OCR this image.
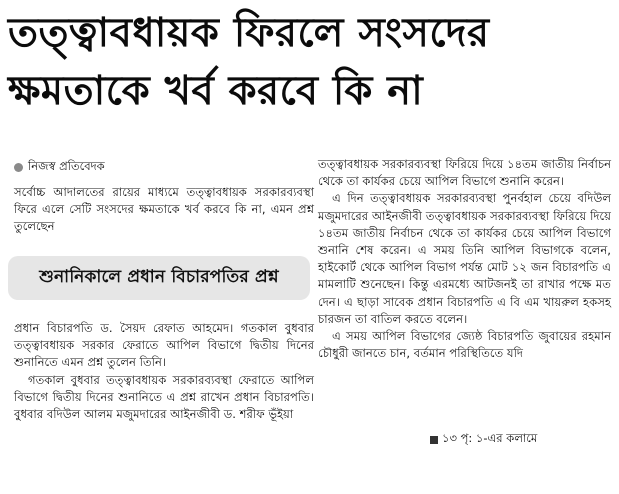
তত্ত্বাবধায়ক ফিরলে সংসদের
ক্ষমতাকে খর্ব করবে কি না
নিজস্ব প্রতিবেদক

সর্বোচ্চ আদালতের রায়ের মাধ্যমে তত্ত্বাবধায়ক সরকারব্যবস্থা ফিরে এলে সেটি সংসদের ক্ষমতাকে খর্ব করবে কি না, এমন প্রশ্ন তুলেছেন

শুনানিকালে প্রধান বিচারপতির প্রশ্ন

প্রধান বিচারপতি ড. সৈয়দ রেফাত আহমেদ। গতকাল বুধবার তত্ত্বাবধায়ক সরকার ফেরাতে আপিল বিভাগে দ্বিতীয় দিনের শুনানিতে এমন প্রশ্ন তুলেন তিনি।

গতকাল বুধবার তত্ত্বাবধায়ক সরকারব্যবস্থা ফেরাতে আপিল বিভাগে দ্বিতীয় দিনের শুনানিতে এ প্রশ্ন রাখেন প্রধান বিচারপতি। বুধবার বদিউল আলম মজুমদারের আইনজীবী ড. শরীফ ভূঁইয়া

তত্ত্বাবধায়ক সরকারব্যবস্থা ফিরিয়ে দিয়ে ১৪তম জাতীয় নির্বাচন থেকে তা কার্যকর চেয়ে আপিল বিভাগে শুনানি করেন।

এ দিন তত্ত্বাবধায়ক সরকারব্যবস্থা পুনর্বহাল চেয়ে বদিউল মজুমদারের আইনজীবী তত্ত্বাবধায়ক সরকারব্যবস্থা ফিরিয়ে দিয়ে ১৪তম জাতীয় নির্বাচন থেকে তা কার্যকর চেয়ে আপিল বিভাগে শুনানি শেষ করেন। এ সময় তিনি আপিল বিভাগকে বলেন, হাইকোর্ট থেকে আপিল বিভাগ পর্যন্ত মোট ১২ জন বিচারপতি এ মামলাটি শুনেছেন। কিন্তু এরমধ্যে আটজনই তা রাখার পক্ষে মত দেন। এ ছাড়া সাবেক প্রধান বিচারপতি এ বি এম খায়রুল হকসহ চারজন তা বাতিল করতে বলেন।

এ সময় আপিল বিভাগের জ্যেষ্ঠ বিচারপতি জুবায়ের রহমান চৌধুরী জানতে চান, বর্তমান পরিস্থিতিতে যদি

১৩ পৃ: ১-এর কলামে
